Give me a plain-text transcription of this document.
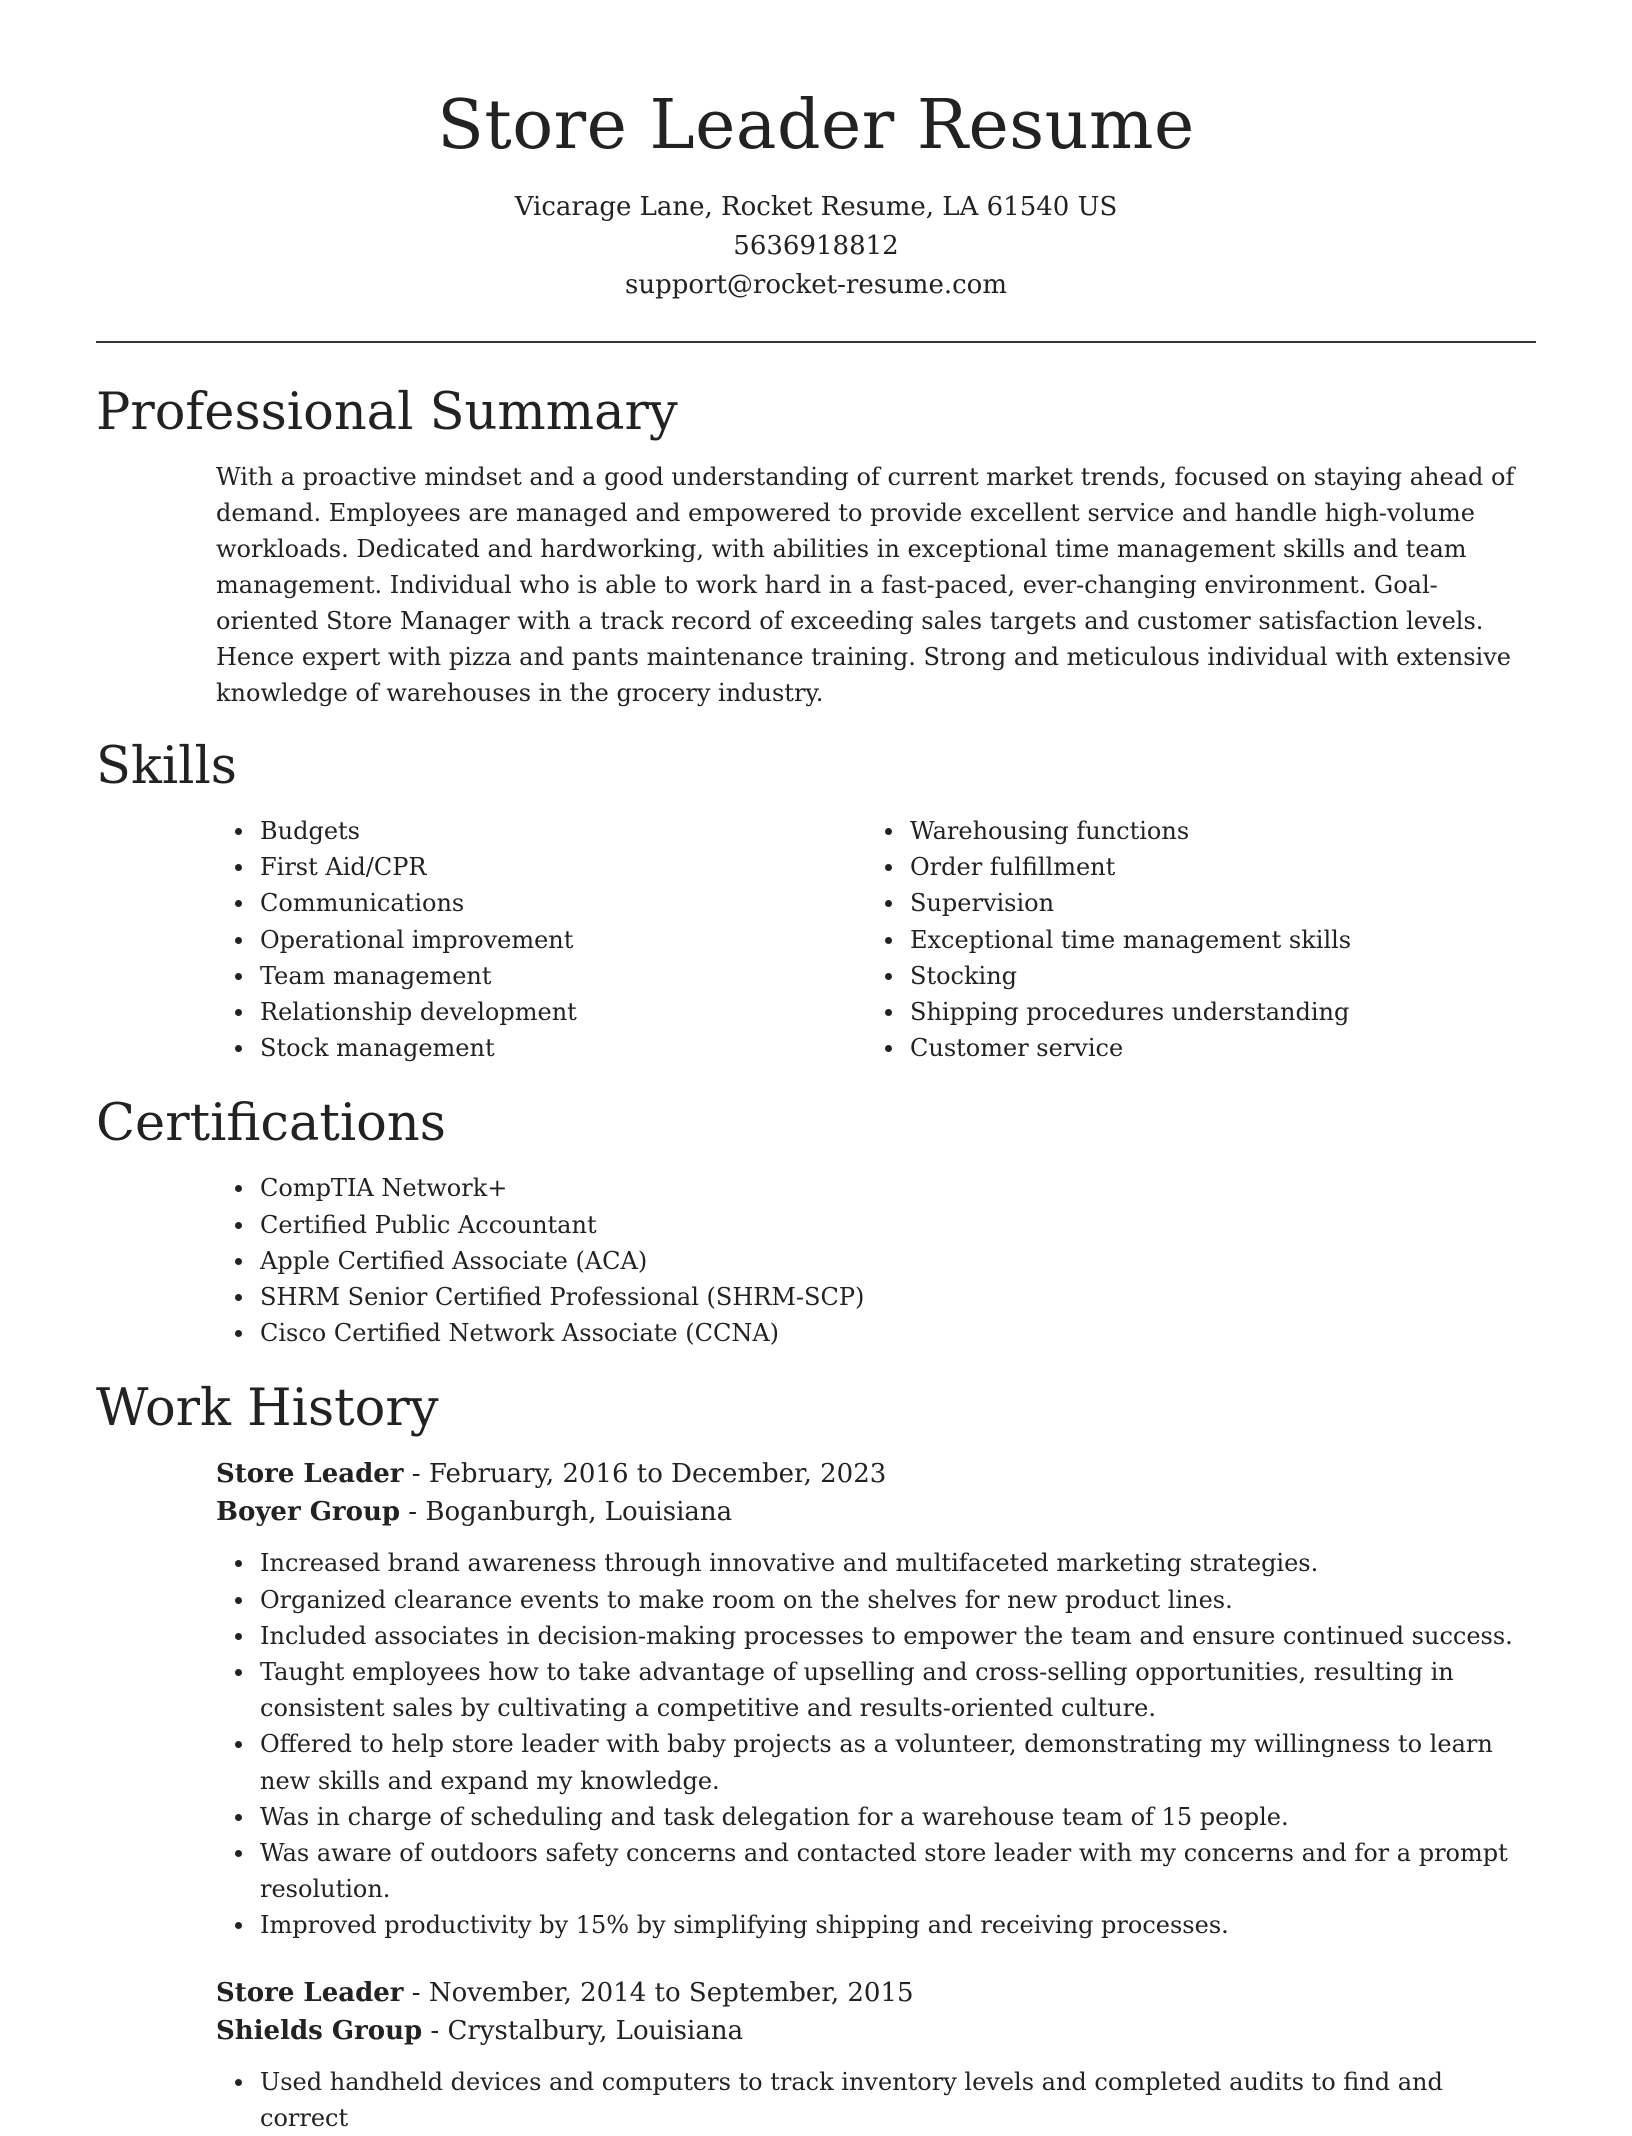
Store Leader Resume
Vicarage Lane, Rocket Resume, LA 61540 US
5636918812
support@rocket-resume.com
Professional Summary

With a proactive mindset and a good understanding of current market trends, focused on staying ahead of demand. Employees are managed and empowered to provide excellent service and handle high-volume workloads. Dedicated and hardworking, with abilities in exceptional time management skills and team management. Individual who is able to work hard in a fast-paced, ever-changing environment. Goal-oriented Store Manager with a track record of exceeding sales targets and customer satisfaction levels. Hence expert with pizza and pants maintenance training. Strong and meticulous individual with extensive knowledge of warehouses in the grocery industry.

Skills
Budgets
First Aid/CPR
Communications
Operational improvement
Team management
Relationship development
Stock management
Warehousing functions
Order fulfillment
Supervision
Exceptional time management skills
Stocking
Shipping procedures understanding
Customer service
Certifications
CompTIA Network+
Certified Public Accountant
Apple Certified Associate (ACA)
SHRM Senior Certified Professional (SHRM-SCP)
Cisco Certified Network Associate (CCNA)
Work History
Store Leader - February, 2016 to December, 2023
Boyer Group - Boganburgh, Louisiana
Increased brand awareness through innovative and multifaceted marketing strategies.
Organized clearance events to make room on the shelves for new product lines.
Included associates in decision-making processes to empower the team and ensure continued success.
Taught employees how to take advantage of upselling and cross-selling opportunities, resulting in consistent sales by cultivating a competitive and results-oriented culture.
Offered to help store leader with baby projects as a volunteer, demonstrating my willingness to learn new skills and expand my knowledge.
Was in charge of scheduling and task delegation for a warehouse team of 15 people.
Was aware of outdoors safety concerns and contacted store leader with my concerns and for a prompt resolution.
Improved productivity by 15% by simplifying shipping and receiving processes.
Store Leader - November, 2014 to September, 2015
Shields Group - Crystalbury, Louisiana
Used handheld devices and computers to track inventory levels and completed audits to find and correct
